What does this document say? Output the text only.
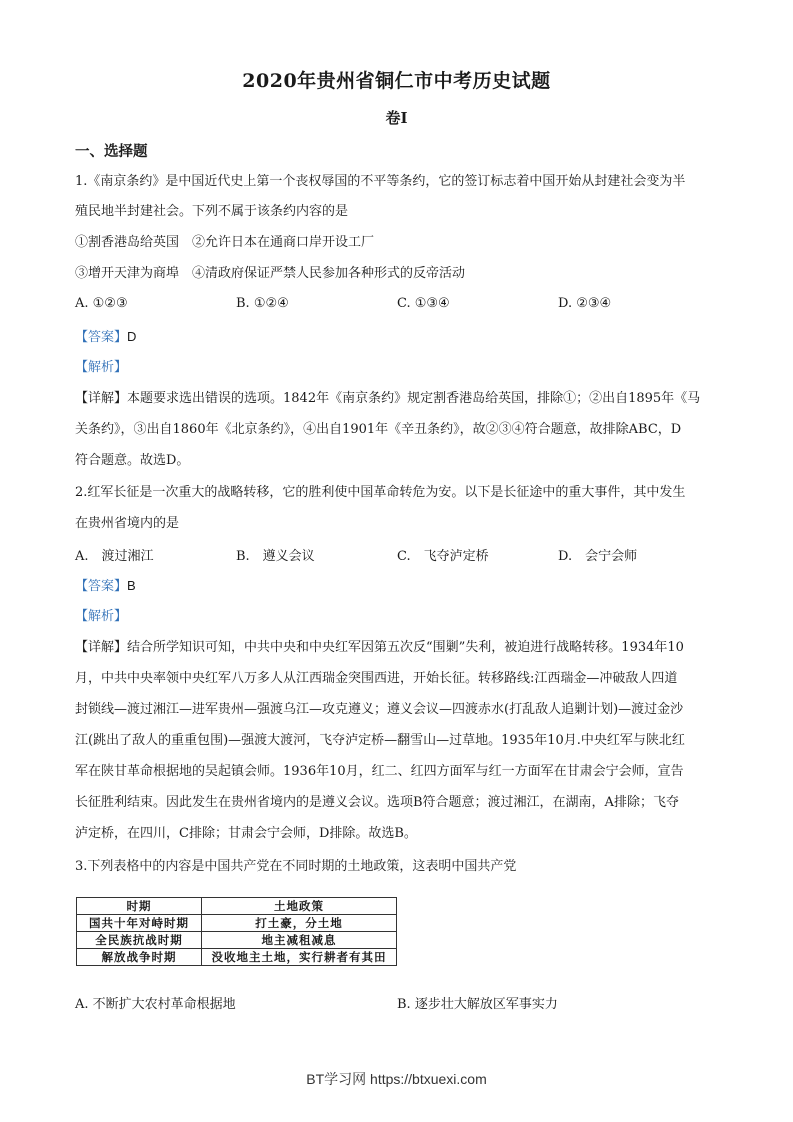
2020年贵州省铜仁市中考历史试题
卷Ⅰ
一、选择题
1.《南京条约》是中国近代史上第一个丧权辱国的不平等条约，它的签订标志着中国开始从封建社会变为半
殖民地半封建社会。下列不属于该条约内容的是
①割香港岛给英国　②允许日本在通商口岸开设工厂
③增开天津为商埠　④清政府保证严禁人民参加各种形式的反帝活动
A. ①②③	B. ①②④	C. ①③④	D. ②③④
【答案】D
【解析】
【详解】本题要求选出错误的选项。1842年《南京条约》规定割香港岛给英国，排除①；②出自1895年《马
关条约》，③出自1860年《北京条约》，④出自1901年《辛丑条约》，故②③④符合题意，故排除ABC，D
符合题意。故选D。
2.红军长征是一次重大的战略转移，它的胜利使中国革命转危为安。以下是长征途中的重大事件，其中发生
在贵州省境内的是
A.　渡过湘江	B.　遵义会议	C.　飞夺泸定桥	D.　会宁会师
【答案】B
【解析】
【详解】结合所学知识可知，中共中央和中央红军因第五次反“围剿”失利，被迫进行战略转移。1934年10
月，中共中央率领中央红军八万多人从江西瑞金突围西进，开始长征。转移路线:江西瑞金—冲破敌人四道
封锁线—渡过湘江—进军贵州—强渡乌江—攻克遵义；遵义会议—四渡赤水(打乱敌人追剿计划)—渡过金沙
江(跳出了敌人的重重包围)—强渡大渡河，飞夺泸定桥—翻雪山—过草地。1935年10月.中央红军与陕北红
军在陕甘革命根据地的吴起镇会师。1936年10月，红二、红四方面军与红一方面军在甘肃会宁会师，宣告
长征胜利结束。因此发生在贵州省境内的是遵义会议。选项B符合题意；渡过湘江，在湖南，A排除；飞夺
泸定桥，在四川，C排除；甘肃会宁会师，D排除。故选B。
3.下列表格中的内容是中国共产党在不同时期的土地政策，这表明中国共产党
时期	土地政策
国共十年对峙时期	打土豪，分土地
全民族抗战时期	地主减租减息
解放战争时期	没收地主土地，实行耕者有其田
A. 不断扩大农村革命根据地	B. 逐步壮大解放区军事实力
BT学习网 https://btxuexi.com
